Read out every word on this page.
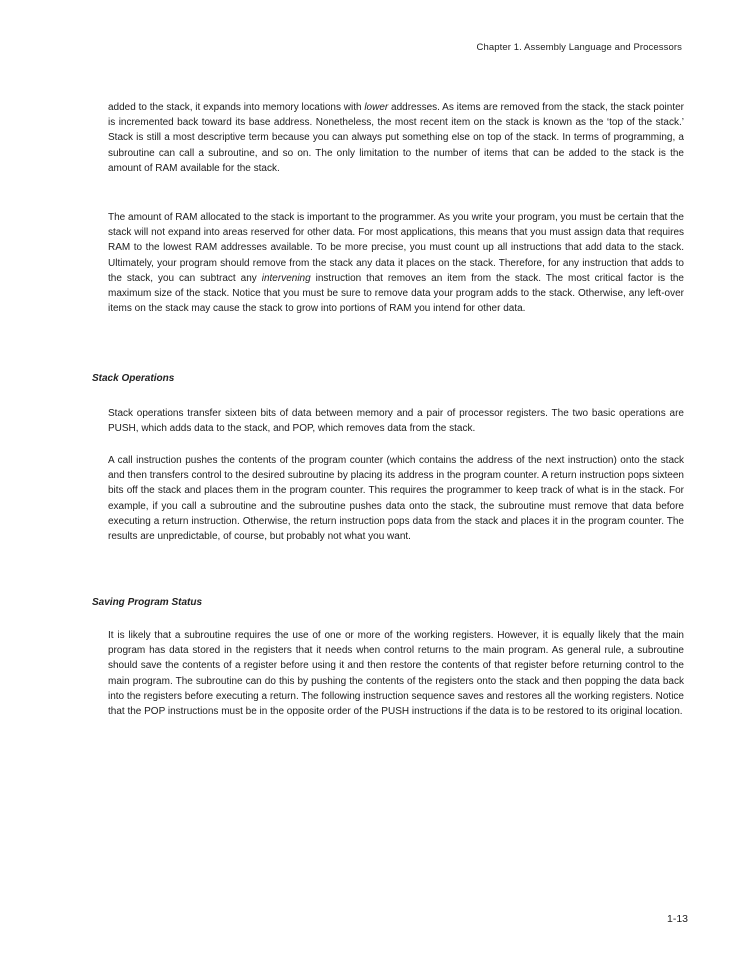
Chapter 1. Assembly Language and Processors

added to the stack, it expands into memory locations with lower addresses. As items are removed from the stack, the stack pointer is incremented back toward its base address. Nonetheless, the most recent item on the stack is known as the ‘top of the stack.’ Stack is still a most descriptive term because you can always put something else on top of the stack. In terms of programming, a subroutine can call a subroutine, and so on. The only limitation to the number of items that can be added to the stack is the amount of RAM available for the stack.

The amount of RAM allocated to the stack is important to the programmer. As you write your program, you must be certain that the stack will not expand into areas reserved for other data. For most applications, this means that you must assign data that requires RAM to the lowest RAM addresses available. To be more precise, you must count up all instructions that add data to the stack. Ultimately, your program should remove from the stack any data it places on the stack. Therefore, for any instruction that adds to the stack, you can subtract any intervening instruction that removes an item from the stack. The most critical factor is the maximum size of the stack. Notice that you must be sure to remove data your program adds to the stack. Otherwise, any left-over items on the stack may cause the stack to grow into portions of RAM you intend for other data.

Stack Operations

Stack operations transfer sixteen bits of data between memory and a pair of processor registers. The two basic operations are PUSH, which adds data to the stack, and POP, which removes data from the stack.

A call instruction pushes the contents of the program counter (which contains the address of the next instruction) onto the stack and then transfers control to the desired subroutine by placing its address in the program counter. A return instruction pops sixteen bits off the stack and places them in the program counter. This requires the programmer to keep track of what is in the stack. For example, if you call a subroutine and the subroutine pushes data onto the stack, the subroutine must remove that data before executing a return instruction. Otherwise, the return instruction pops data from the stack and places it in the program counter. The results are unpredictable, of course, but probably not what you want.

Saving Program Status

It is likely that a subroutine requires the use of one or more of the working registers. However, it is equally likely that the main program has data stored in the registers that it needs when control returns to the main program. As general rule, a subroutine should save the contents of a register before using it and then restore the contents of that register before returning control to the main program. The subroutine can do this by pushing the contents of the registers onto the stack and then popping the data back into the registers before executing a return. The following instruction sequence saves and restores all the working registers. Notice that the POP instructions must be in the opposite order of the PUSH instructions if the data is to be restored to its original location.

1-13
